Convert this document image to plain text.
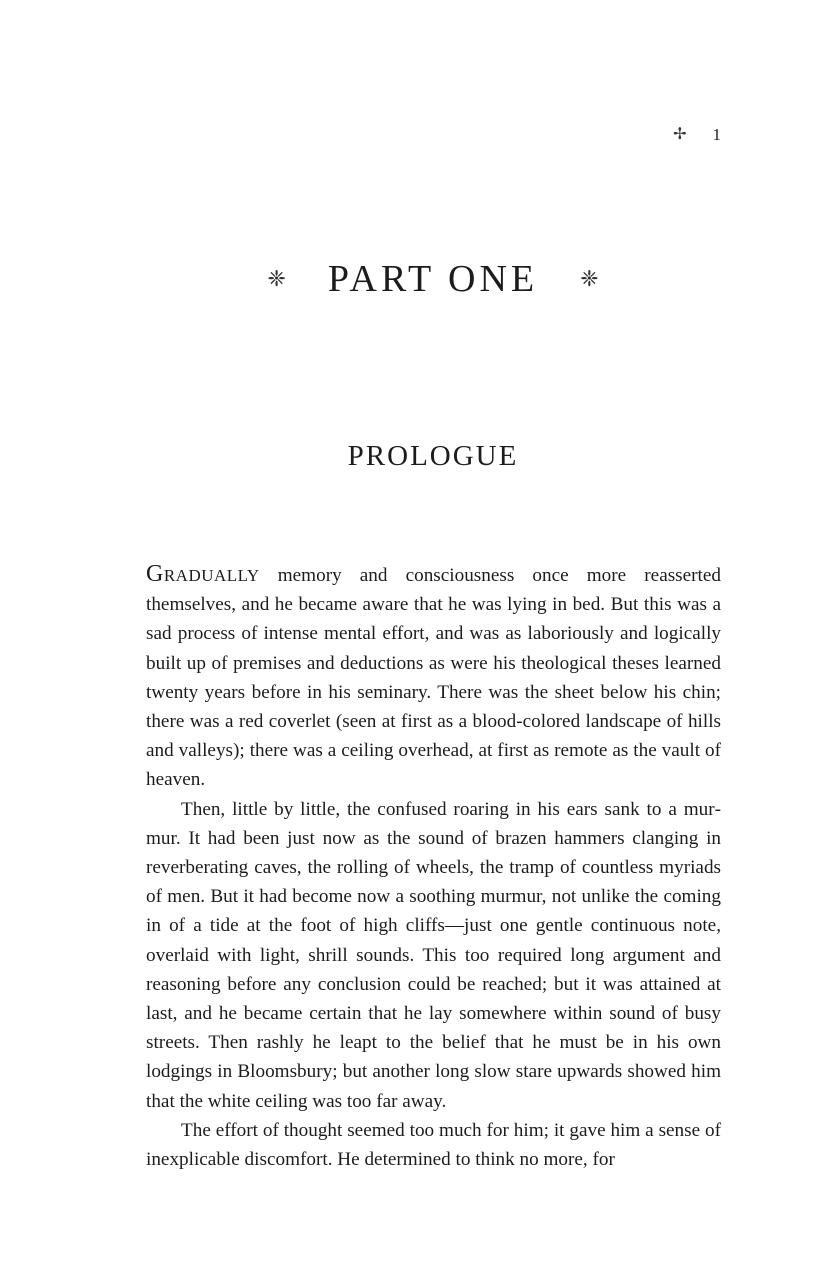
✢ 1
❈ PART ONE ❈
PROLOGUE

Gradually memory and consciousness once more reasserted themselves, and he became aware that he was lying in bed. But this was a sad process of intense mental effort, and was as laboriously and logically built up of premises and deductions as were his theological theses learned twenty years before in his seminary. There was the sheet below his chin; there was a red coverlet (seen at first as a blood-colored landscape of hills and valleys); there was a ceiling overhead, at first as remote as the vault of heaven.

Then, little by little, the confused roaring in his ears sank to a murmur. It had been just now as the sound of brazen hammers clanging in reverberating caves, the rolling of wheels, the tramp of countless myriads of men. But it had become now a soothing murmur, not unlike the coming in of a tide at the foot of high cliffs—just one gentle continuous note, overlaid with light, shrill sounds. This too required long argument and reasoning before any conclusion could be reached; but it was attained at last, and he became certain that he lay somewhere within sound of busy streets. Then rashly he leapt to the belief that he must be in his own lodgings in Bloomsbury; but another long slow stare upwards showed him that the white ceiling was too far away.

The effort of thought seemed too much for him; it gave him a sense of inexplicable discomfort. He determined to think no more, for
